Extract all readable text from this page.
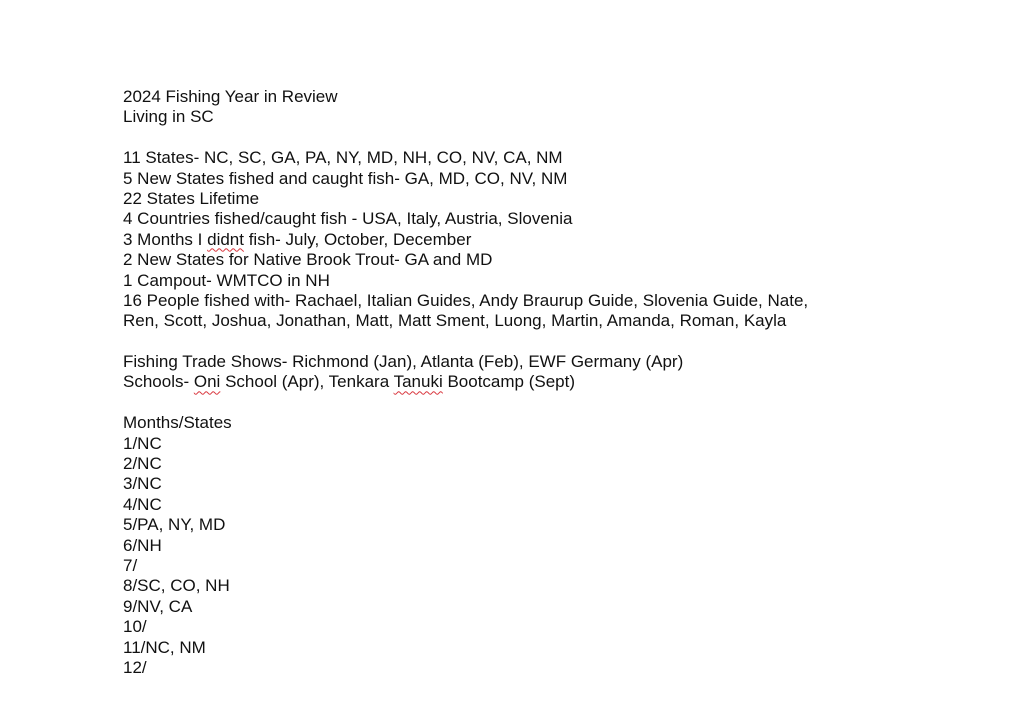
2024 Fishing Year in Review
Living in SC
11 States- NC, SC, GA, PA, NY, MD, NH, CO, NV, CA, NM
5 New States fished and caught fish- GA, MD, CO, NV, NM
22 States Lifetime
4 Countries fished/caught fish - USA, Italy, Austria, Slovenia
3 Months I didnt fish- July, October, December
2 New States for Native Brook Trout- GA and MD
1 Campout- WMTCO in NH
16 People fished with- Rachael, Italian Guides, Andy Braurup Guide, Slovenia Guide, Nate,
Ren, Scott, Joshua, Jonathan, Matt, Matt Sment, Luong, Martin, Amanda, Roman, Kayla
Fishing Trade Shows- Richmond (Jan), Atlanta (Feb), EWF Germany (Apr)
Schools- Oni School (Apr), Tenkara Tanuki Bootcamp (Sept)
Months/States
1/NC
2/NC
3/NC
4/NC
5/PA, NY, MD
6/NH
7/
8/SC, CO, NH
9/NV, CA
10/
11/NC, NM
12/
